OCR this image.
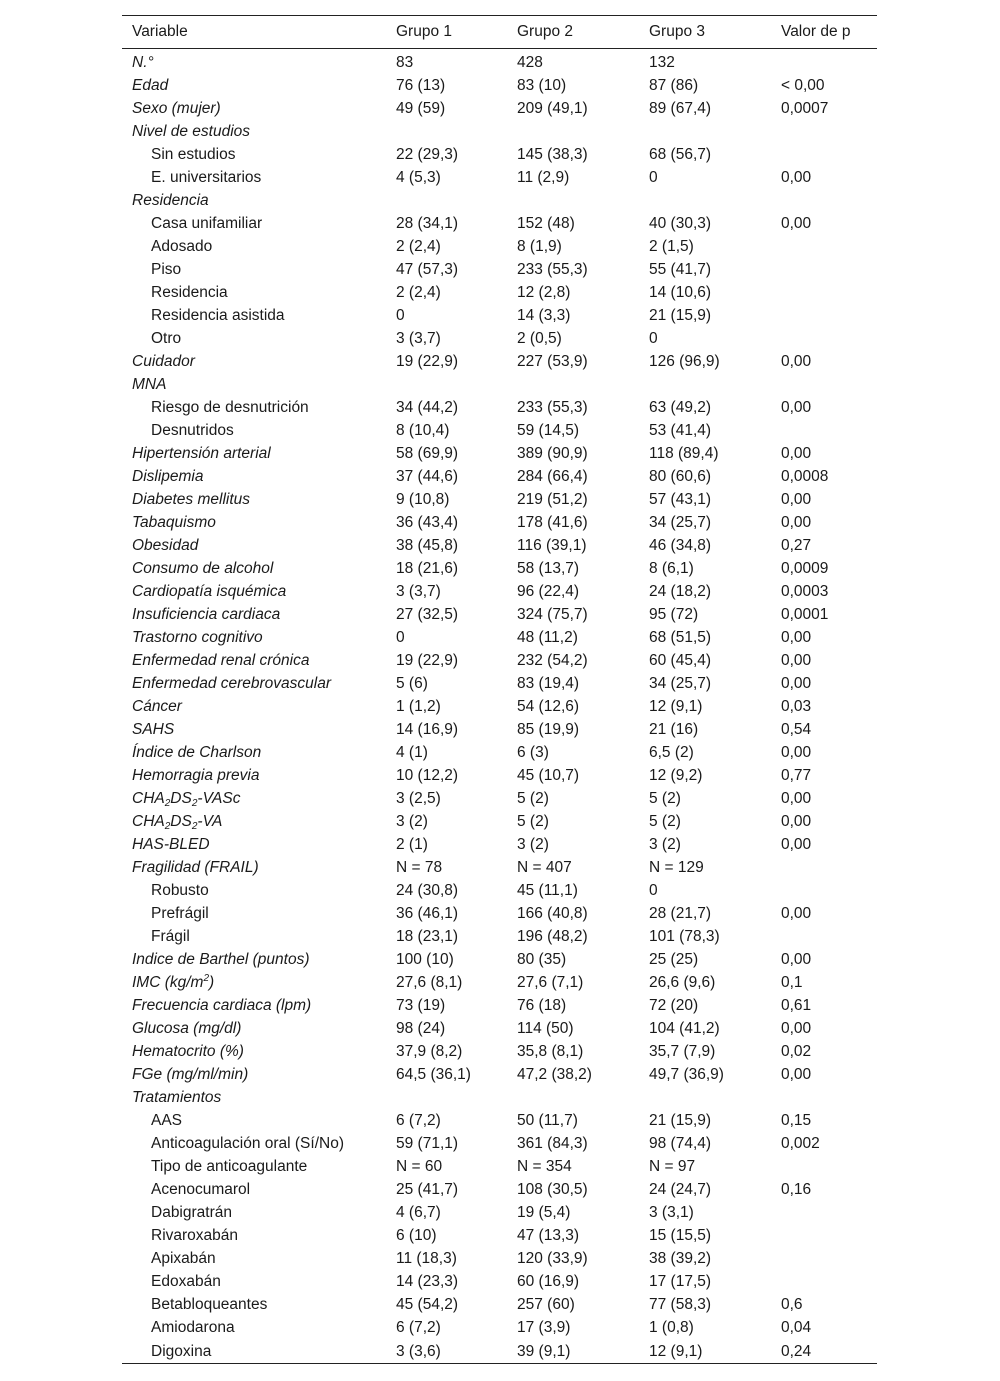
Variable	Grupo 1	Grupo 2	Grupo 3	Valor de p
N.°	83	428	132	
Edad	76 (13)	83 (10)	87 (86)	< 0,00
Sexo (mujer)	49 (59)	209 (49,1)	89 (67,4)	0,0007
Nivel de estudios				
Sin estudios	22 (29,3)	145 (38,3)	68 (56,7)	
E. universitarios	4 (5,3)	11 (2,9)	0	0,00
Residencia				
Casa unifamiliar	28 (34,1)	152 (48)	40 (30,3)	0,00
Adosado	2 (2,4)	8 (1,9)	2 (1,5)	
Piso	47 (57,3)	233 (55,3)	55 (41,7)	
Residencia	2 (2,4)	12 (2,8)	14 (10,6)	
Residencia asistida	0	14 (3,3)	21 (15,9)	
Otro	3 (3,7)	2 (0,5)	0	
Cuidador	19 (22,9)	227 (53,9)	126 (96,9)	0,00
MNA				
Riesgo de desnutrición	34 (44,2)	233 (55,3)	63 (49,2)	0,00
Desnutridos	8 (10,4)	59 (14,5)	53 (41,4)	
Hipertensión arterial	58 (69,9)	389 (90,9)	118 (89,4)	0,00
Dislipemia	37 (44,6)	284 (66,4)	80 (60,6)	0,0008
Diabetes mellitus	9 (10,8)	219 (51,2)	57 (43,1)	0,00
Tabaquismo	36 (43,4)	178 (41,6)	34 (25,7)	0,00
Obesidad	38 (45,8)	116 (39,1)	46 (34,8)	0,27
Consumo de alcohol	18 (21,6)	58 (13,7)	8 (6,1)	0,0009
Cardiopatía isquémica	3 (3,7)	96 (22,4)	24 (18,2)	0,0003
Insuficiencia cardiaca	27 (32,5)	324 (75,7)	95 (72)	0,0001
Trastorno cognitivo	0	48 (11,2)	68 (51,5)	0,00
Enfermedad renal crónica	19 (22,9)	232 (54,2)	60 (45,4)	0,00
Enfermedad cerebrovascular	5 (6)	83 (19,4)	34 (25,7)	0,00
Cáncer	1 (1,2)	54 (12,6)	12 (9,1)	0,03
SAHS	14 (16,9)	85 (19,9)	21 (16)	0,54
Índice de Charlson	4 (1)	6 (3)	6,5 (2)	0,00
Hemorragia previa	10 (12,2)	45 (10,7)	12 (9,2)	0,77
$CHA_2DS_2$-VASc	3 (2,5)	5 (2)	5 (2)	0,00
$CHA_2DS_2-VA$	3 (2)	5 (2)	5 (2)	0,00
HAS-BLED	2 (1)	3 (2)	3 (2)	0,00
Fragilidad (FRAIL)	N = 78	N = 407	N = 129	
Robusto	24 (30,8)	45 (11,1)	0	
Prefrágil	36 (46,1)	166 (40,8)	28 (21,7)	0,00
Frágil	18 (23,1)	196 (48,2)	101 (78,3)	
Indice de Barthel (puntos)	100 (10)	80 (35)	25 (25)	0,00
IMC $(kg/m^2)$	27,6 (8,1)	27,6 (7,1)	26,6 (9,6)	0,1
Frecuencia cardiaca (lpm)	73 (19)	76 (18)	72 (20)	0,61
Glucosa (mg/dl)	98 (24)	114 (50)	104 (41,2)	0,00
Hematocrito (%)	37,9 (8,2)	35,8 (8,1)	35,7 (7,9)	0,02
FGe (mg/ml/min)	64,5 (36,1)	47,2 (38,2)	49,7 (36,9)	0,00
Tratamientos				
AAS	6 (7,2)	50 (11,7)	21 (15,9)	0,15
Anticoagulación oral (Sí/No)	59 (71,1)	361 (84,3)	98 (74,4)	0,002
Tipo de anticoagulante	N = 60	N = 354	N = 97	
Acenocumarol	25 (41,7)	108 (30,5)	24 (24,7)	0,16
Dabigratrán	4 (6,7)	19 (5,4)	3 (3,1)	
Rivaroxabán	6 (10)	47 (13,3)	15 (15,5)	
Apixabán	11 (18,3)	120 (33,9)	38 (39,2)	
Edoxabán	14 (23,3)	60 (16,9)	17 (17,5)	
Betabloqueantes	45 (54,2)	257 (60)	77 (58,3)	0,6
Amiodarona	6 (7,2)	17 (3,9)	1 (0,8)	0,04
Digoxina	3 (3,6)	39 (9,1)	12 (9,1)	0,24
